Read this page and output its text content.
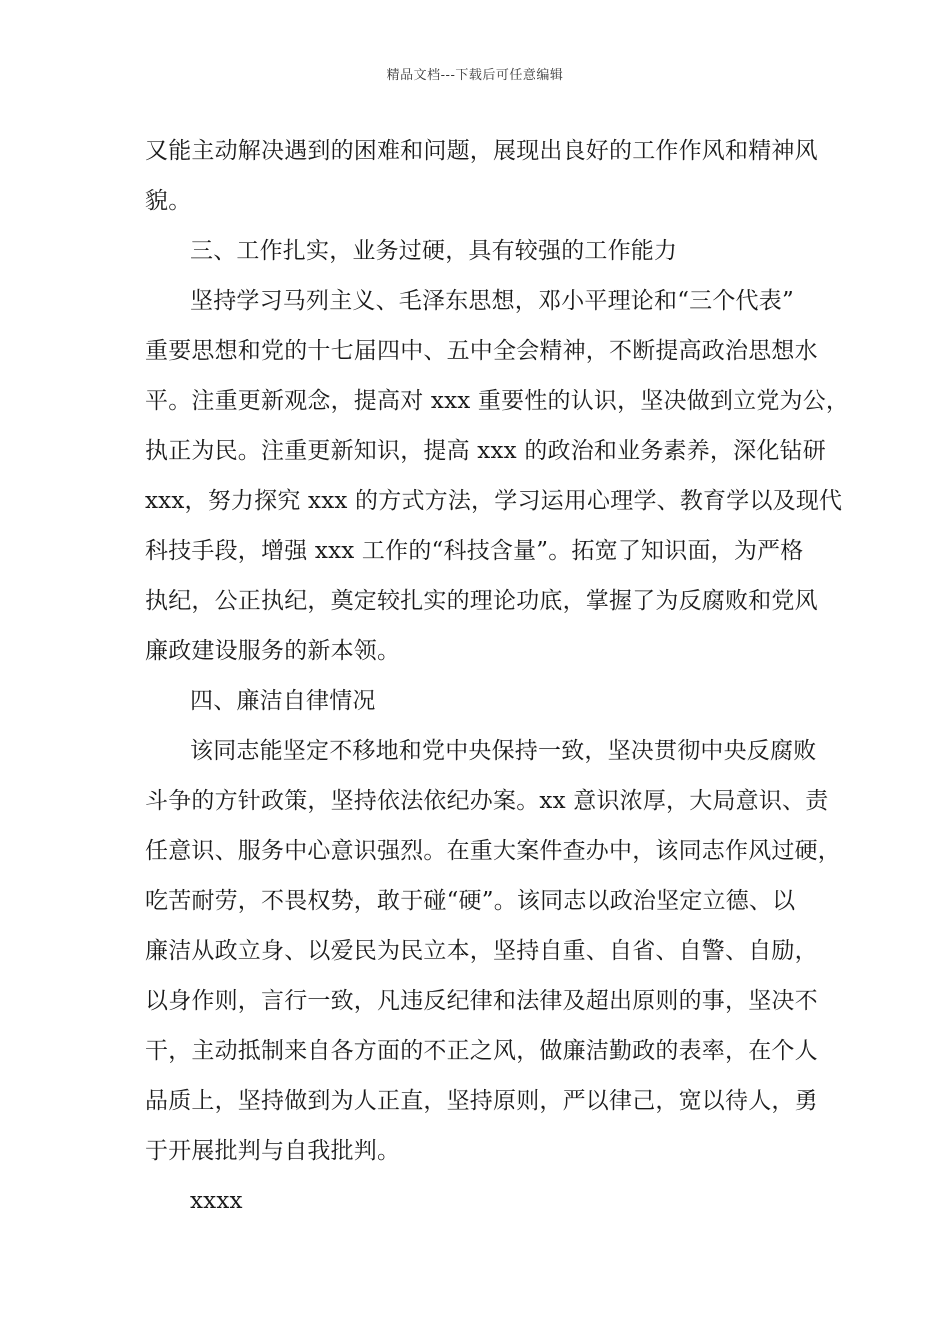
精品文档---下载后可任意编辑
又能主动解决遇到的困难和问题，展现出良好的工作作风和精神风
貌。
三、工作扎实，业务过硬，具有较强的工作能力
坚持学习马列主义、毛泽东思想，邓小平理论和“三个代表”
重要思想和党的十七届四中、五中全会精神，不断提高政治思想水
平。注重更新观念，提高对 xxx 重要性的认识，坚决做到立党为公，
执正为民。注重更新知识，提高 xxx 的政治和业务素养，深化钻研
xxx，努力探究 xxx 的方式方法，学习运用心理学、教育学以及现代
科技手段，增强 xxx 工作的“科技含量”。拓宽了知识面，为严格
执纪，公正执纪，奠定较扎实的理论功底，掌握了为反腐败和党风
廉政建设服务的新本领。
四、廉洁自律情况
该同志能坚定不移地和党中央保持一致，坚决贯彻中央反腐败
斗争的方针政策，坚持依法依纪办案。xx 意识浓厚，大局意识、责
任意识、服务中心意识强烈。在重大案件查办中，该同志作风过硬，
吃苦耐劳，不畏权势，敢于碰“硬”。该同志以政治坚定立德、以
廉洁从政立身、以爱民为民立本，坚持自重、自省、自警、自励，
以身作则，言行一致，凡违反纪律和法律及超出原则的事，坚决不
干，主动抵制来自各方面的不正之风，做廉洁勤政的表率，在个人
品质上，坚持做到为人正直，坚持原则，严以律己，宽以待人，勇
于开展批判与自我批判。
xxxx
